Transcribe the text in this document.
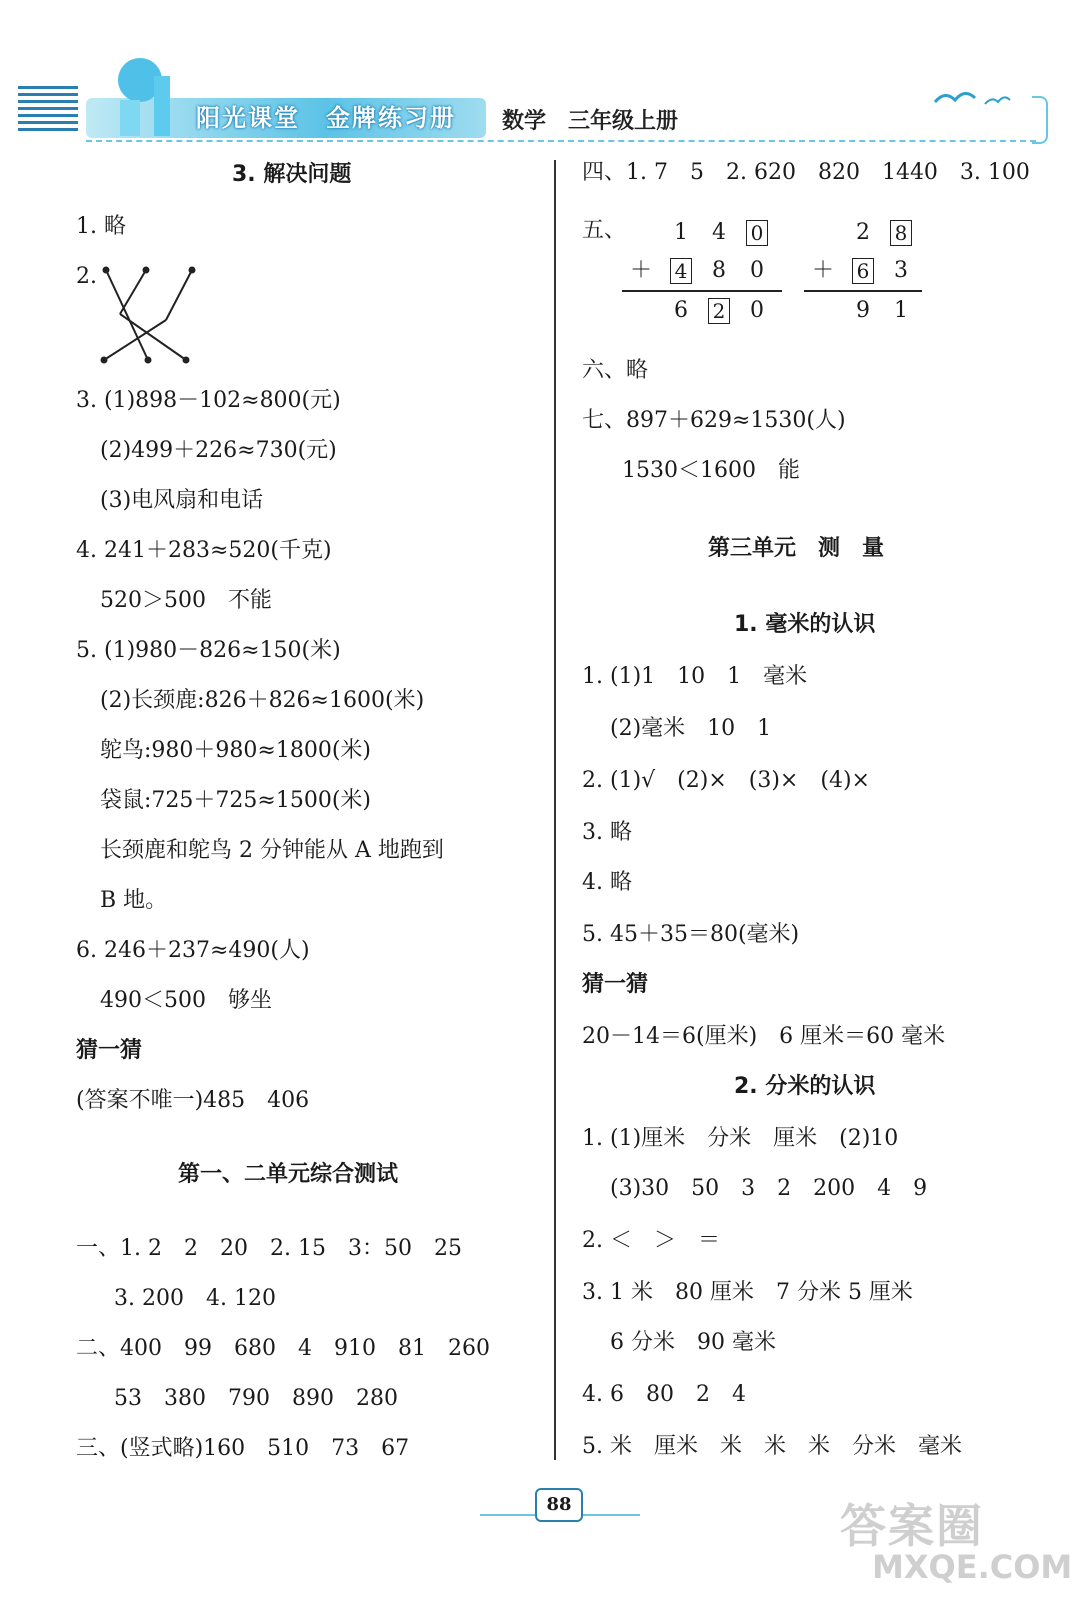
阳光课堂　金牌练习册 数学　三年级上册
3. 解决问题
1. 略
2.
3. (1)898－102≈800(元)
(2)499＋226≈730(元)
(3)电风扇和电话
4. 241＋283≈520(千克)
520＞500　不能
5. (1)980－826≈150(米)
(2)长颈鹿:826＋826≈1600(米)
鸵鸟:980＋980≈1800(米)
袋鼠:725＋725≈1500(米)
长颈鹿和鸵鸟 2 分钟能从 A 地跑到
B 地。
6. 246＋237≈490(人)
490＜500　够坐
猜一猜
(答案不唯一)485　406
第一、二单元综合测试
一、1. 2　2　20　2. 15　3：50　25
3. 200　4. 120
二、400　99　680　4　910　81　260
53　380　790　890　280
三、(竖式略)160　510　73　67
四、1. 7　5　2. 620　820　1440　3. 100
五、 1 4 0
＋ 4 8 0
6 2 0
2 8
＋ 6 3
9 1
六、略
七、897＋629≈1530(人)
1530＜1600　能
第三单元　测　量
1. 毫米的认识
1. (1)1　10　1　毫米
(2)毫米　10　1
2. (1)√　(2)×　(3)×　(4)×
3. 略
4. 略
5. 45＋35＝80(毫米)
猜一猜
20－14＝6(厘米)　6 厘米＝60 毫米
2. 分米的认识
1. (1)厘米　分米　厘米　(2)10
(3)30　50　3　2　200　4　9
2. ＜　＞　＝
3. 1 米　80 厘米　7 分米 5 厘米
6 分米　90 毫米
4. 6　80　2　4
5. 米　厘米　米　米　米　分米　毫米
88	答案圈
MXQE.COM
